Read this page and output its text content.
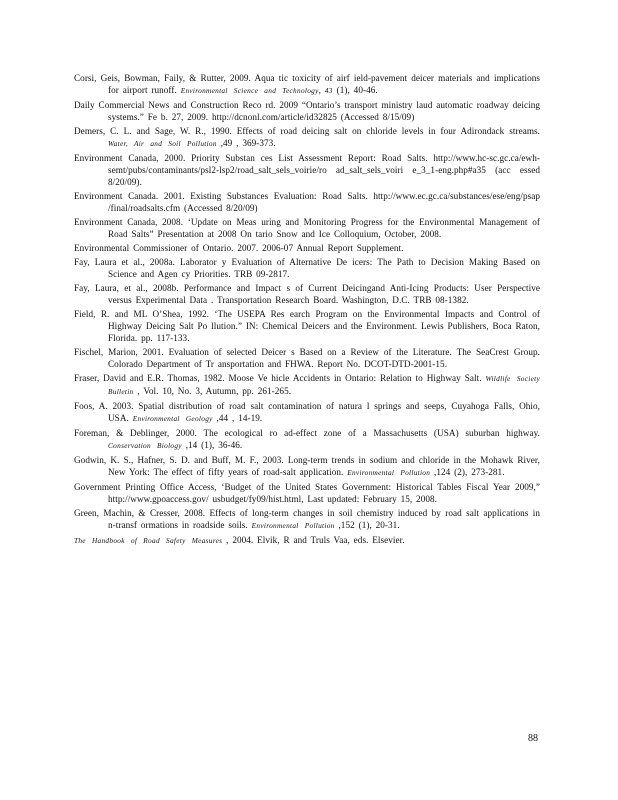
Corsi, Geis, Bowman, Faily, & Rutter, 2009. Aqua tic toxicity of airf ield-pavement deicer materials and implications for airport runoff. Environmental Science and Technology, 43 (1), 40-46.

Daily Commercial News and Construction Reco rd. 2009 “Ontario’s transport ministry laud automatic roadway deicing systems.” Fe b. 27, 2009. http://dcnonl.com/article/id32825 (Accessed 8/15/09)

Demers, C. L. and Sage, W. R., 1990. Effects of road deicing salt on chloride levels in four Adirondack streams. Water, Air and Soil Pollution ,49 , 369-373.

Environment Canada, 2000. Priority Substan ces List Assessment Report: Road Salts. http://www.hc-sc.gc.ca/ewh- semt/pubs/contaminants/psl2-lsp2/road_salt_sels_voirie/ro ad_salt_sels_voiri e_3_1-eng.php#a35 (acc essed 8/20/09).

Environment Canada. 2001. Existing Substances Evaluation: Road Salts. http://www.ec.gc.ca/substances/ese/eng/psap /final/roadsalts.cfm (Accessed 8/20/09)

Environment Canada, 2008. ‘Update on Meas uring and Monitoring Progress for the Environmental Management of Road Salts” Presentation at 2008 On tario Snow and Ice Colloquium, October, 2008.

Environmental Commissioner of Ontario. 2007. 2006-07 Annual Report Supplement.

Fay, Laura et al., 2008a. Laborator y Evaluation of Alternative De icers: The Path to Decision Making Based on Science and Agen cy Priorities. TRB 09-2817.

Fay, Laura, et al., 2008b. Performance and Impact s of Current Deicingand Anti-Icing Products: User Perspective versus Experimental Data . Transportation Research Board. Washington, D.C. TRB 08-1382.

Field, R. and ML O’Shea, 1992. ‘The USEPA Res earch Program on the Environmental Impacts and Control of Highway Deicing Salt Po llution.” IN: Chemical Deicers and the Environment. Lewis Publishers, Boca Raton, Florida. pp. 117-133.

Fischel, Marion, 2001. Evaluation of selected Deicer s Based on a Review of the Literature. The SeaCrest Group. Colorado Department of Tr ansportation and FHWA. Report No. DCOT-DTD-2001-15.

Fraser, David and E.R. Thomas, 1982. Moose Ve hicle Accidents in Ontario: Relation to Highway Salt. Wildlife Society Bulletin , Vol. 10, No. 3, Autumn, pp. 261-265.

Foos, A. 2003. Spatial distribution of road salt contamination of natura l springs and seeps, Cuyahoga Falls, Ohio, USA. Environmental Geology ,44 , 14-19.

Foreman, & Deblinger, 2000. The ecological ro ad-effect zone of a Massachusetts (USA) suburban highway. Conservation Biology ,14 (1), 36-46.

Godwin, K. S., Hafner, S. D. and Buff, M. F., 2003. Long-term trends in sodium and chloride in the Mohawk River, New York: The effect of fifty years of road-salt application. Environmental Pollution ,124 (2), 273-281.

Government Printing Office Access, ‘Budget of the United States Government: Historical Tables Fiscal Year 2009,” http://www.gpoaccess.gov/ usbudget/fy09/hist.html, Last updated: February 15, 2008.

Green, Machin, & Cresser, 2008. Effects of long-term changes in soil chemistry induced by road salt applications in n-transf ormations in roadside soils. Environmental Pollution ,152 (1), 20-31.

The Handbook of Road Safety Measures , 2004. Elvik, R and Truls Vaa, eds. Elsevier.

88
